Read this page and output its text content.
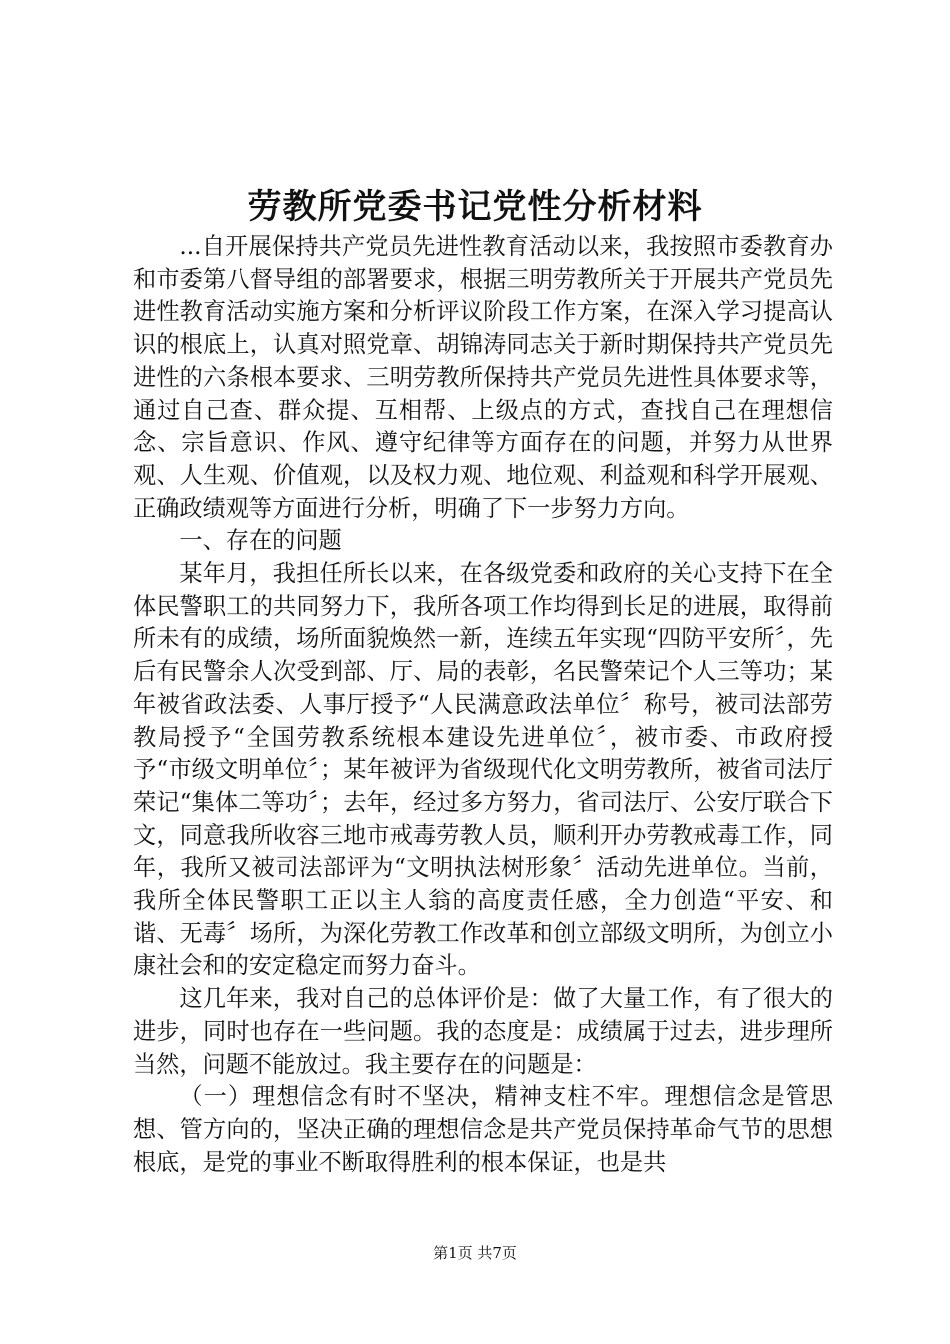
劳教所党委书记党性分析材料

...自开展保持共产党员先进性教育活动以来，我按照市委教育办和市委第八督导组的部署要求，根据三明劳教所关于开展共产党员先进性教育活动实施方案和分析评议阶段工作方案，在深入学习提高认识的根底上，认真对照党章、胡锦涛同志关于新时期保持共产党员先进性的六条根本要求、三明劳教所保持共产党员先进性具体要求等，通过自己查、群众提、互相帮、上级点的方式，查找自己在理想信念、宗旨意识、作风、遵守纪律等方面存在的问题，并努力从世界观、人生观、价值观，以及权力观、地位观、利益观和科学开展观、正确政绩观等方面进行分析，明确了下一步努力方向。

一、存在的问题

某年月，我担任所长以来，在各级党委和政府的关心支持下在全体民警职工的共同努力下，我所各项工作均得到长足的进展，取得前所未有的成绩，场所面貌焕然一新，连续五年实现“四防平安所〞，先后有民警余人次受到部、厅、局的表彰，名民警荣记个人三等功；某年被省政法委、人事厅授予“人民满意政法单位〞称号，被司法部劳教局授予“全国劳教系统根本建设先进单位〞，被市委、市政府授予“市级文明单位〞；某年被评为省级现代化文明劳教所，被省司法厅荣记“集体二等功〞；去年，经过多方努力，省司法厅、公安厅联合下文，同意我所收容三地市戒毒劳教人员，顺利开办劳教戒毒工作，同年，我所又被司法部评为“文明执法树形象〞活动先进单位。当前，我所全体民警职工正以主人翁的高度责任感，全力创造“平安、和谐、无毒〞场所，为深化劳教工作改革和创立部级文明所，为创立小康社会和的安定稳定而努力奋斗。

这几年来，我对自己的总体评价是：做了大量工作，有了很大的进步，同时也存在一些问题。我的态度是：成绩属于过去，进步理所当然，问题不能放过。我主要存在的问题是：

（一）理想信念有时不坚决，精神支柱不牢。理想信念是管思想、管方向的，坚决正确的理想信念是共产党员保持革命气节的思想根底，是党的事业不断取得胜利的根本保证，也是共

第1页 共7页
